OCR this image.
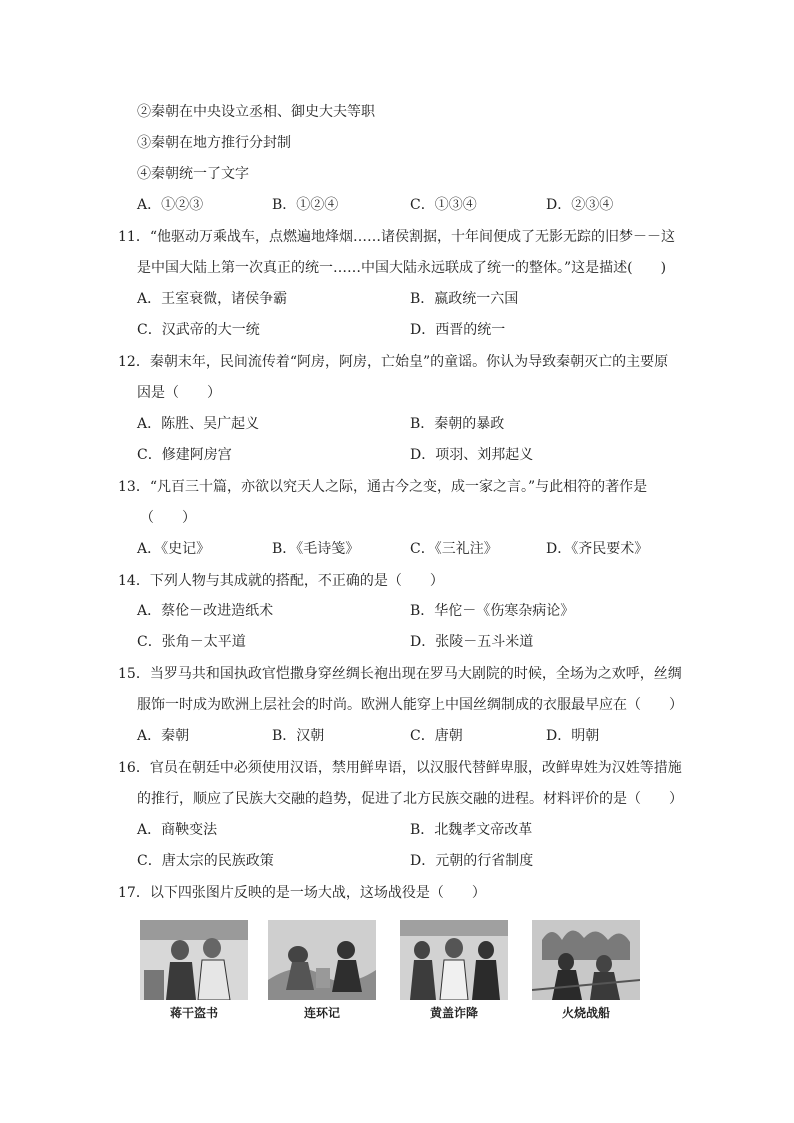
②秦朝在中央设立丞相、御史大夫等职
③秦朝在地方推行分封制
④秦朝统一了文字
A．①②③	B．①②④	C．①③④	D．②③④
11．“他驱动万乘战车，点燃遍地烽烟……诸侯割据，十年间便成了无影无踪的旧梦－－这
是中国大陆上第一次真正的统一……中国大陆永远联成了统一的整体。”这是描述( )
A．王室衰微，诸侯争霸	B．嬴政统一六国
C．汉武帝的大一统	D．西晋的统一
12．秦朝末年，民间流传着“阿房，阿房，亡始皇”的童谣。你认为导致秦朝灭亡的主要原
因是（ ）
A．陈胜、吴广起义	B．秦朝的暴政
C．修建阿房宫	D．项羽、刘邦起义
13．“凡百三十篇，亦欲以究天人之际，通古今之变，成一家之言。”与此相符的著作是
（ ）
A．《史记》	B．《毛诗笺》	C．《三礼注》	D．《齐民要术》
14．下列人物与其成就的搭配，不正确的是（ ）
A．蔡伦－改进造纸术	B．华佗－《伤寒杂病论》
C．张角－太平道	D．张陵－五斗米道
15．当罗马共和国执政官恺撒身穿丝绸长袍出现在罗马大剧院的时候，全场为之欢呼，丝绸
服饰一时成为欧洲上层社会的时尚。欧洲人能穿上中国丝绸制成的衣服最早应在（ ）
A．秦朝	B．汉朝	C．唐朝	D．明朝
16．官员在朝廷中必须使用汉语，禁用鲜卑语，以汉服代替鲜卑服，改鲜卑姓为汉姓等措施
的推行，顺应了民族大交融的趋势，促进了北方民族交融的进程。材料评价的是（ ）
A．商鞅变法	B．北魏孝文帝改革
C．唐太宗的民族政策	D．元朝的行省制度
17．以下四张图片反映的是一场大战，这场战役是（ ）
蒋干盗书	连环记	黄盖诈降	火烧战船
